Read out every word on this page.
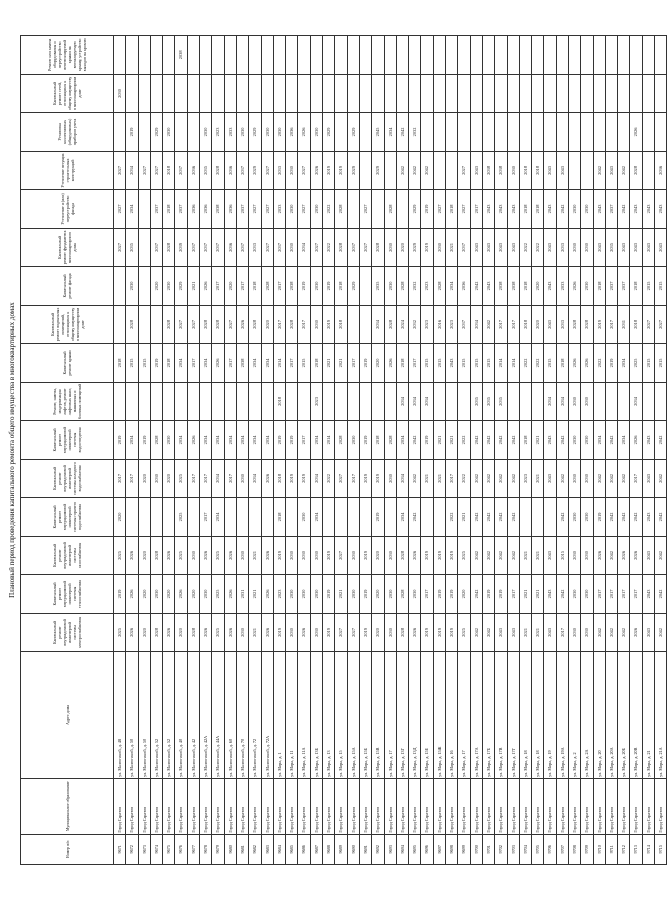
Плановый период проведения капитального ремонта общего имущества в многоквартирных домах
Номер п/п	Муниципальное образование	Адрес дома	Капитальный ремонт внутридомовой инженерной системы электроснабжения	Капитальный ремонт внутридомовой инженерной системы теплоснабжения	Капитальный ремонт внутридомовой инженерной системы газоснабжения	Капитальный ремонт внутридомовой инженерной системы горячего водоснабжения	Капитальный ремонт внутридомовой инженерной системы холодного водоснабжения	Капитальный ремонт внутридомовой инженерной системы водоотведения	Ремонт, замена, модернизация лифтов, ремонт лифтовых шахт, машинных и блочных помещений	Капитальный ремонт крыши	Капитальный ремонт подвальных помещений, относящихся к общему имуществу в многоквартирном доме	Капитальный ремонт фасада	Капитальный ремонт фундамента многоквартирного дома	Утепление и (или) переустройство фасада	Утепление несущих строительных конструкций	Установка коллективных (общедомовых) приборов учета	Капитальный ремонт сетей, относящихся к общему имуществу в многоквартирном доме	Ремонт или замена оборудования и переустройство невентилируемой крыши на вентилируемую крышу, устройство выходов на кровлю
9671	Город Саратов	ул. Малюгиной, д. 48	2025	2019	2025	2020	2017	2019		2018			2027	2027	2027		2030	
9672	Город Саратов	ул. Малюгиной, д. 50	2026	2026	2026		2017	2034		2015	2028	2030	2035	2034	2034	2019		
9673	Город Саратов	ул. Малюгиной, д. 50	2020	2020	2020		2020	2019		2015					2027			
9674	Город Саратов	ул. Малюгиной, д. 52	2028	2030	2028		2030	2028		2019		2020	2037	2037	2027	2029		
9675	Город Саратов	ул. Малюгиной, д. 52	2026	2020	2026		2020	2030		2018	2028	2030	2028	2018	2018	2030		
9676	Город Саратов	ул. Малюгиной, д. 40	2020	2026	2025	2025	2025	2034		2034	2027	2029	2039	2037	2037			2038
9677	Город Саратов	ул. Малюгиной, д. 42	2028	2020	2030		2017	2026		2017	2027	2021	2037	2036	2036			
9678	Город Саратов	ул. Малюгиной, д. 42А	2026	2030	2026	2017	2017	2034		2034	2028	2026	2037	2036	2035	2030		
9679	Город Саратов	ул. Малюгиной, д. 44А	2025	2025	2025	2034	2034	2034		2026	2028	2017	2037	2038	2028	2023		
9680	Город Саратов	ул. Малюгиной, д. 60	2026	2026	2026		2017	2034		2017	2027	2020	2036	2036	2036	2033		
9681	Город Саратов	ул. Малюгиной, д. 70	2030	2031	2030		2030	2034		2038	2026	2017	2037	2037	2037	2030		
9682	Город Саратов	ул. Малюгиной, д. 72	2021	2021	2021		2034	2034		2034	2028	2018	2033	2027	2029	2029		
9683	Город Саратов	ул. Малюгиной, д. 72А	2026	2026	2026		2026	2034		2034	2020	2028	2027	2027	2027	2030		
9684	Город Саратов	ул. Мира, д. 1	2019	2023	2019	2018	2018	2019	2018	2014	2017	2017	2037	2033	2033	2030		
9685	Город Саратов	ул. Мира, д. 11	2030	2030	2030		2019	2019		2017	2028	2038	2030	2030	2030	2036		
9686	Город Саратов	ул. Мира, д. 11А	2026	2030	2030	2030	2019	2017		2015	2017	2019	2034	2027	2027	2026		
9687	Город Саратов	ул. Мира, д. 13Б	2030	2030	2030	2034	2034	2034	2023	2018	2030	2030	2027	2030	2026	2030		
9688	Город Саратов	ул. Мира, д. 13	2019	2019	2019		2022	2014		2021	2019	2019	2022	2022	2019	2029		
9689	Город Саратов	ул. Мира, д. 15	2027	2021	2027		2027	2028		2021	2018	2018	2028	2028	2019			
9690	Город Саратов	ул. Мира, д. 15А	2027	2030	2030		2017	2030		2017		2029	2037		2029	2029		
9691	Город Саратов	ул. Мира, д. 15Б	2019	2019	2019		2019	2019		2019			2027	2027				
9692	Город Саратов	ул. Мира, д. 15В	2020	2020	2020	2019	2019	2018		2020	2034	2035	2028		2029	2045		
9693	Город Саратов	ул. Мира, д. 17	2030	2030	2030		2030	2028		2026	2028	2030	2030	2028		2034		
9694	Город Саратов	ул. Мира, д. 13Г	2028	2028	2028	2034	2034	2034	2034	2018	2024	2028	2020		2042	2042		
9695	Город Саратов	ул. Мира, д. 13Д	2026	2030	2026	2042	2042	2042	2034	2017	2032	2032	2029	2029	2042	2032		
9696	Город Саратов	ул. Мира, д. 15Е	2019	2017	2019		2021	2019	2034	2015	2023	2023	2019	2019	2042			
9697	Город Саратов	ул. Мира, д. 15Ж	2019	2019	2019		2021	2021		2015	2016	2028	2030	2027				
9698	Город Саратов	ул. Мира, д. 16	2019	2019	2019	2022	2017	2021		2043	2023	2034	2021	2018				
9699	Город Саратов	ул. Мира, д. 17	2025	2020	2025	2021	2022	2022		2015	2037	2036	2037	2027	2027			
9700	Город Саратов	ул. Мира, д. 17А	2042	2042	2042	2042	2042	2042	2035	2015	2034	2042	2043	2017	2043			
9701	Город Саратов	ул. Мира, д. 17Б	2042	2019	2042	2042	2042	2042	2035	2015	2042	2043	2043	2043	2038			
9702	Город Саратов	ул. Мира, д. 17В	2043	2019	2042	2042	2042	2042	2035	2014	2017	2038	2043	2043	2038			
9703	Город Саратов	ул. Мира, д. 17Г	2043	2017	2042	2042	2042	2042		2014	2017	2038	2043	2043	2030			
9704	Город Саратов	ул. Мира, д. 18	2021	2021	2021		2023	2018		2022	2018	2018	2022	2018	2018			
9705	Город Саратов	ул. Мира, д. 18	2021	2021	2021		2021	2021		2022	2020	2020	2022	2018	2018			
9706	Город Саратов	ул. Мира, д. 19	2043	2043	2043		2043	2043	2034	2015	2043	2043	2043	2043	2043			
9707	Город Саратов	ул. Мира, д. 19А	2017	2042	2015	2042	2042	2042	2034	2018	2033	2033	2033	2042	2043			
9708	Город Саратов	ул. Мира, д. 2	2030	2030	2030	2030	2030	2030	2030	2026	2028	2026	2030	2030				
9709	Город Саратов	ул. Мира, д. 2А	2030	2030	2030	2030	2030	2030	2030	2026	2028	2030	2030	2030				
9710	Город Саратов	ул. Мира, д. 20	2042	2017	2026	2019	2042	2034		2022	2019	2018	2043	2043	2042			
9711	Город Саратов	ул. Мира, д. 20А	2042	2017	2042	2042	2042	2042		2019	2017	2037	2035	2037	2043			
9712	Город Саратов	ул. Мира, д. 20Б	2042	2017	2026	2042	2042	2034		2034	2031	2037	2043	2042	2042			
9713	Город Саратов	ул. Мира, д. 20В	2026	2017	2026	2042	2017	2026	2034	2025	2018	2018	2043	2043	2028	2026		
9714	Город Саратов	ул. Мира, д. 21	2043	2043	2043	2043	2043	2043		2015	2027	2015	2043	2043				
9715	Город Саратов	ул. Мира, д. 21А	2042	2042	2042	2042	2042	2042		2015	2027	2015	2043	2043	2036			
